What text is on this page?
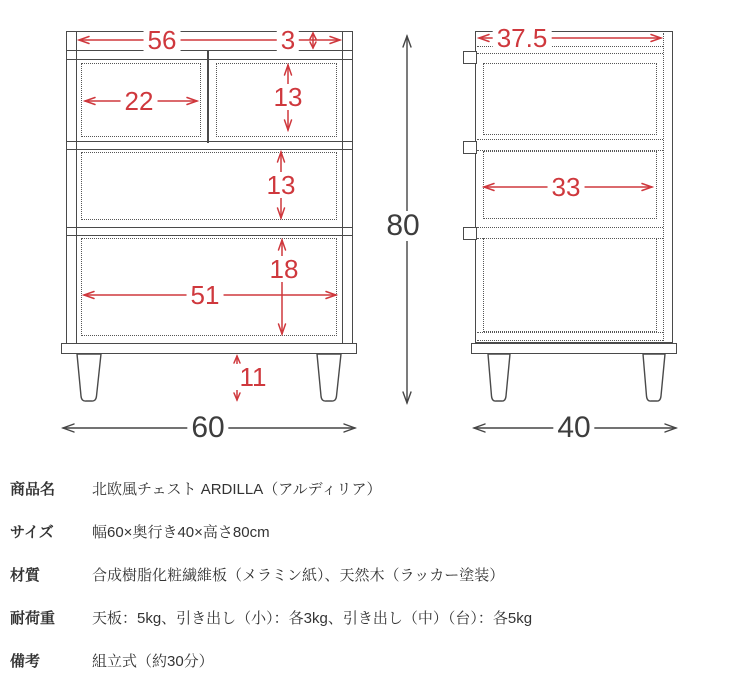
56	3
22	13
13
18
51
11
60
37.5
33
80
40
商品名	北欧風チェスト ARDILLA（アルディリア）
サイズ	幅60×奥行き40×高さ80cm
材質	合成樹脂化粧繊維板（メラミン紙）、天然木（ラッカー塗装）
耐荷重	天板：5kg、引き出し（小）：各3kg、引き出し（中）（台）：各5kg
備考	組立式（約30分）
